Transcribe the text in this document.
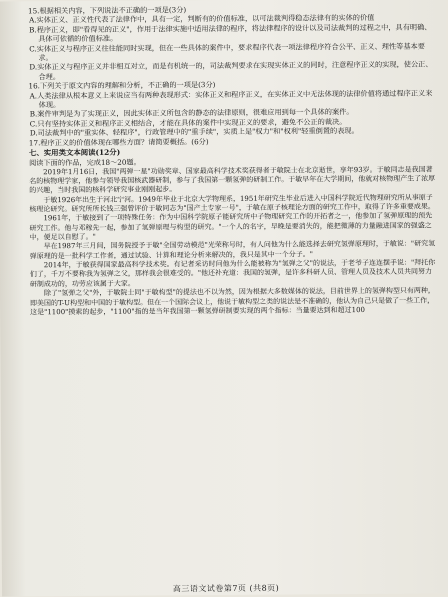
15.根据相关内容，下列说法不正确的一项是(3分)
A.实体正义、正义性代表了法律作中，具有一定，判断有的价值标准，以可法裁判得稳态法律有的实体的价值
B.程序正义，即"看得见的正义"，作用于法律实施中适用法律的程序，将法律程序的设计以及司法裁判的过程之中，具有明确、具体可依循的价值标准。
C.实体正义与程序正义往往能同时实现，但在一些具体的案件中，要求程序代表一项法律程序符合公平、正义、理性等基本要求。
D.实体正义与程序正义并非相互对立，而是有机统一的，司法裁判要求在实现实体正义的同时，注意程序正义的实现，使公正、合理。
16.下列关于原文内容的理解和分析，不正确的一项是(3分)
A.人类法律从根本意义上来说应当有两种表现形式：实体正义和程序正义，在实体正义中无法体现的法律价值将通过程序正义来体现。
B.案件审判是为了实现正义，因此实体正义所包含的静态的法律原则，很难应用到每一个具体的案件。
C.只有坚持实体正义和程序正义相结合，才能在具体的案件中实现正义的要求，避免不公正的裁决。
D.司法裁判中的"重实体、轻程序"，行政管理中的"重手续"，实质上是"权力"和"权利"轻重倒置的表现。
17.程序正义的价值体现在哪些方面？请简要概括。(6分)
七、实用类文本阅读(12分)
阅读下面的作品，完成18～20题。

2019年1月16日，我国"两弹一星"功勋奖章、国家最高科学技术奖获得者于敏院士在北京逝世，享年93岁。于敏同志是我国著名的核物理学家，他参与领导我国核武器研制，参与了我国第一颗氢弹的研制工作。于敏早年在大学期间，他就对核物理产生了浓厚的兴趣，当时我国的核科学研究事业刚刚起步。

于敏1926年出生于河北宁河。1949年毕业于北京大学物理系，1951年研究生毕业后进入中国科学院近代物理研究所从事原子核理论研究。研究所所长钱三强曾评价于敏同志为"国产土专家一号"，于敏在原子核理论方面的研究工作中，取得了许多重要成果。

1961年，于敏接到了一项特殊任务：作为中国科学院原子能研究所中子物理研究工作的开拓者之一，他参加了氢弹原理的预先研究工作。他与邓稼先一起，参加了氢弹原理与构型的研究。"一个人的名字，早晚是要消失的，能把微薄的力量融进国家的强盛之中，便足以自慰了。"

早在1987年三月间，国务院授予于敏"全国劳动模范"光荣称号时，有人问他为什么能选择去研究氢弹原理时，于敏说："研究氢弹原理的是一批科学工作者，通过试验、计算和理论分析来解决的，我只是其中一个分子。"

2014年，于敏获得国家最高科学技术奖。有记者采访时问他为什么能被称为"氢弹之父"的说法，于老爷子连连摆手说："拜托你们了，千万不要称我为氢弹之父，那样我会很难受的。"他还补充道：我国的氢弹，是许多科研人员、管理人员及技术人员共同努力研制成功的，功劳应该属于大家。

除了"氢弹之父"外，于敏院士同"于敏构型"的提法也不以为然，因为根据大多数媒体的说法，目前世界上的氢弹构型只有两种，即美国的T-U构型和中国的于敏构型。但在一个国际会议上，他说于敏构型之类的说法是不准确的，他认为自己只是做了一些工作，这是"1100"摸索的起步，"1100"指的是当年我国第一颗氢弹研制要实现的两个指标：当量要达到和超过100

高三语文试卷第7页 (共8页)
